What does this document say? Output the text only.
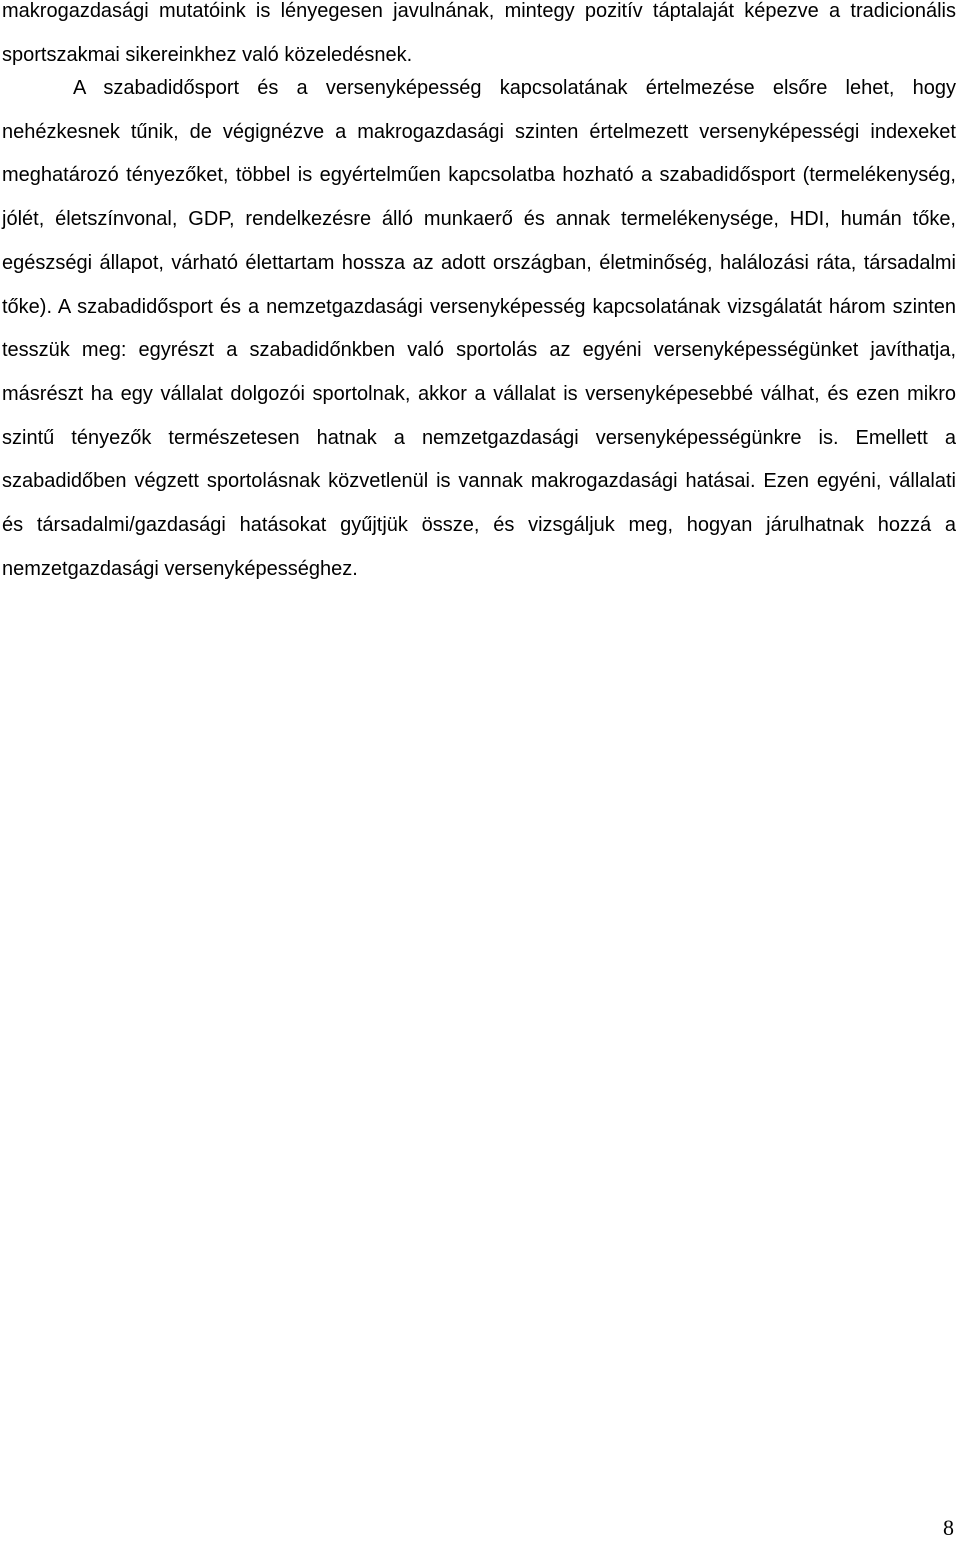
makrogazdasági mutatóink is lényegesen javulnának, mintegy pozitív táptalaját képezve a tradicionális sportszakmai sikereinkhez való közeledésnek.

A szabadidősport és a versenyképesség kapcsolatának értelmezése elsőre lehet, hogy nehézkesnek tűnik, de végignézve a makrogazdasági szinten értelmezett versenyképességi indexeket meghatározó tényezőket, többel is egyértelműen kapcsolatba hozható a szabadidősport (termelékenység, jólét, életszínvonal, GDP, rendelkezésre álló munkaerő és annak termelékenysége, HDI, humán tőke, egészségi állapot, várható élettartam hossza az adott országban, életminőség, halálozási ráta, társadalmi tőke). A szabadidősport és a nemzetgazdasági versenyképesség kapcsolatának vizsgálatát három szinten tesszük meg: egyrészt a szabadidőnkben való sportolás az egyéni versenyképességünket javíthatja, másrészt ha egy vállalat dolgozói sportolnak, akkor a vállalat is versenyképesebbé válhat, és ezen mikro szintű tényezők természetesen hatnak a nemzetgazdasági versenyképességünkre is. Emellett a szabadidőben végzett sportolásnak közvetlenül is vannak makrogazdasági hatásai. Ezen egyéni, vállalati és társadalmi/gazdasági hatásokat gyűjtjük össze, és vizsgáljuk meg, hogyan járulhatnak hozzá a nemzetgazdasági versenyképességhez.

8
